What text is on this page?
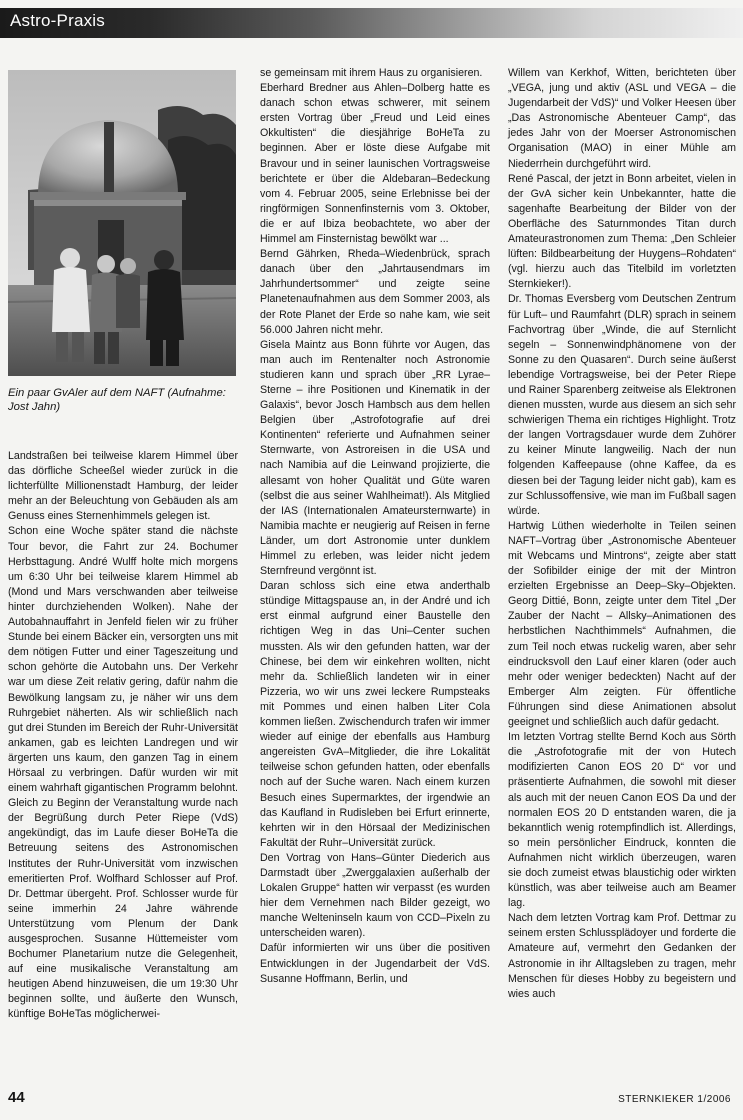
Astro-Praxis
Ein paar GvAler auf dem NAFT (Aufnahme: Jost Jahn)

Landstraßen bei teilweise klarem Himmel über das dörfliche Scheeßel wieder zurück in die lichterfüllte Millionenstadt Hamburg, der leider mehr an der Beleuchtung von Gebäuden als am Genuss eines Sternenhimmels gelegen ist.

Schon eine Woche später stand die nächste Tour bevor, die Fahrt zur 24. Bochumer Herbsttagung. André Wulff holte mich morgens um 6:30 Uhr bei teilweise klarem Himmel ab (Mond und Mars verschwanden aber teilweise hinter durchziehenden Wolken). Nahe der Autobahnauffahrt in Jenfeld fielen wir zu früher Stunde bei einem Bäcker ein, versorgten uns mit dem nötigen Futter und einer Tageszeitung und schon gehörte die Autobahn uns. Der Verkehr war um diese Zeit relativ gering, dafür nahm die Bewölkung langsam zu, je näher wir uns dem Ruhrgebiet näherten. Als wir schließlich nach gut drei Stunden im Bereich der Ruhr-Universität ankamen, gab es leichten Landregen und wir ärgerten uns kaum, den ganzen Tag in einem Hörsaal zu verbringen. Dafür wurden wir mit einem wahrhaft gigantischen Programm belohnt. Gleich zu Beginn der Veranstaltung wurde nach der Begrüßung durch Peter Riepe (VdS) angekündigt, das im Laufe dieser BoHeTa die Betreuung seitens des Astronomischen Institutes der Ruhr-Universität vom inzwischen emeritierten Prof. Wolfhard Schlosser auf Prof. Dr. Dettmar übergeht. Prof. Schlosser wurde für seine immerhin 24 Jahre währende Unterstützung vom Plenum der Dank ausgesprochen. Susanne Hüttemeister vom Bochumer Planetarium nutze die Gelegenheit, auf eine musikalische Veranstaltung am heutigen Abend hinzuweisen, die um 19:30 Uhr beginnen sollte, und äußerte den Wunsch, künftige BoHeTas möglicherwei-

se gemeinsam mit ihrem Haus zu organisieren.

Eberhard Bredner aus Ahlen–Dolberg hatte es danach schon etwas schwerer, mit seinem ersten Vortrag über „Freud und Leid eines Okkultisten“ die diesjährige BoHeTa zu beginnen. Aber er löste diese Aufgabe mit Bravour und in seiner launischen Vortragsweise berichtete er über die Aldebaran–Bedeckung vom 4. Februar 2005, seine Erlebnisse bei der ringförmigen Sonnenfinsternis vom 3. Oktober, die er auf Ibiza beobachtete, wo aber der Himmel am Finsternistag bewölkt war ...

Bernd Gährken, Rheda–Wiedenbrück, sprach danach über den „Jahrtausendmars im Jahrhundertsommer“ und zeigte seine Planetenaufnahmen aus dem Sommer 2003, als der Rote Planet der Erde so nahe kam, wie seit 56.000 Jahren nicht mehr.

Gisela Maintz aus Bonn führte vor Augen, das man auch im Rentenalter noch Astronomie studieren kann und sprach über „RR Lyrae–Sterne – ihre Positionen und Kinematik in der Galaxis“, bevor Josch Hambsch aus dem hellen Belgien über „Astrofotografie auf drei Kontinenten“ referierte und Aufnahmen seiner Sternwarte, von Astroreisen in die USA und nach Namibia auf die Leinwand projizierte, die allesamt von hoher Qualität und Güte waren (selbst die aus seiner Wahlheimat!). Als Mitglied der IAS (Internationalen Amateursternwarte) in Namibia machte er neugierig auf Reisen in ferne Länder, um dort Astronomie unter dunklem Himmel zu erleben, was leider nicht jedem Sternfreund vergönnt ist.

Daran schloss sich eine etwa anderthalb stündige Mittagspause an, in der André und ich erst einmal aufgrund einer Baustelle den richtigen Weg in das Uni–Center suchen mussten. Als wir den gefunden hatten, war der Chinese, bei dem wir einkehren wollten, nicht mehr da. Schließlich landeten wir in einer Pizzeria, wo wir uns zwei leckere Rumpsteaks mit Pommes und einen halben Liter Cola kommen ließen. Zwischendurch trafen wir immer wieder auf einige der ebenfalls aus Hamburg angereisten GvA–Mitglieder, die ihre Lokalität teilweise schon gefunden hatten, oder ebenfalls noch auf der Suche waren. Nach einem kurzen Besuch eines Supermarktes, der irgendwie an das Kaufland in Rudisleben bei Erfurt erinnerte, kehrten wir in den Hörsaal der Medizinischen Fakultät der Ruhr–Universität zurück.

Den Vortrag von Hans–Günter Diederich aus Darmstadt über „Zwerggalaxien außerhalb der Lokalen Gruppe“ hatten wir verpasst (es wurden hier dem Vernehmen nach Bilder gezeigt, wo manche Welteninseln kaum von CCD–Pixeln zu unterscheiden waren).

Dafür informierten wir uns über die positiven Entwicklungen in der Jugendarbeit der VdS. Susanne Hoffmann, Berlin, und

Willem van Kerkhof, Witten, berichteten über „VEGA, jung und aktiv (ASL und VEGA – die Jugendarbeit der VdS)“ und Volker Heesen über „Das Astronomische Abenteuer Camp“, das jedes Jahr von der Moerser Astronomischen Organisation (MAO) in einer Mühle am Niederrhein durchgeführt wird.

René Pascal, der jetzt in Bonn arbeitet, vielen in der GvA sicher kein Unbekannter, hatte die sagenhafte Bearbeitung der Bilder von der Oberfläche des Saturnmondes Titan durch Amateurastronomen zum Thema: „Den Schleier lüften: Bildbearbeitung der Huygens–Rohdaten“ (vgl. hierzu auch das Titelbild im vorletzten Sternkieker!).

Dr. Thomas Eversberg vom Deutschen Zentrum für Luft– und Raumfahrt (DLR) sprach in seinem Fachvortrag über „Winde, die auf Sternlicht segeln – Sonnenwindphänomene von der Sonne zu den Quasaren“. Durch seine äußerst lebendige Vortragsweise, bei der Peter Riepe und Rainer Sparenberg zeitweise als Elektronen dienen mussten, wurde aus diesem an sich sehr schwierigen Thema ein richtiges Highlight. Trotz der langen Vortragsdauer wurde dem Zuhörer zu keiner Minute langweilig. Nach der nun folgenden Kaffeepause (ohne Kaffee, da es diesen bei der Tagung leider nicht gab), kam es zur Schlussoffensive, wie man im Fußball sagen würde.

Hartwig Lüthen wiederholte in Teilen seinen NAFT–Vortrag über „Astronomische Abenteuer mit Webcams und Mintrons“, zeigte aber statt der Sofibilder einige der mit der Mintron erzielten Ergebnisse an Deep–Sky–Objekten. Georg Dittié, Bonn, zeigte unter dem Titel „Der Zauber der Nacht – Allsky–Animationen des herbstlichen Nachthimmels“ Aufnahmen, die zum Teil noch etwas ruckelig waren, aber sehr eindrucksvoll den Lauf einer klaren (oder auch mehr oder weniger bedeckten) Nacht auf der Emberger Alm zeigten. Für öffentliche Führungen sind diese Animationen absolut geeignet und schließlich auch dafür gedacht.

Im letzten Vortrag stellte Bernd Koch aus Sörth die „Astrofotografie mit der von Hutech modifizierten Canon EOS 20 D“ vor und präsentierte Aufnahmen, die sowohl mit dieser als auch mit der neuen Canon EOS Da und der normalen EOS 20 D entstanden waren, die ja bekanntlich wenig rotempfindlich ist. Allerdings, so mein persönlicher Eindruck, konnten die Aufnahmen nicht wirklich überzeugen, waren sie doch zumeist etwas blaustichig oder wirkten künstlich, was aber teilweise auch am Beamer lag.

Nach dem letzten Vortrag kam Prof. Dettmar zu seinem ersten Schlussplädoyer und forderte die Amateure auf, vermehrt den Gedanken der Astronomie in ihr Alltagsleben zu tragen, mehr Menschen für dieses Hobby zu begeistern und wies auch

44	STERNKIEKER 1/2006
